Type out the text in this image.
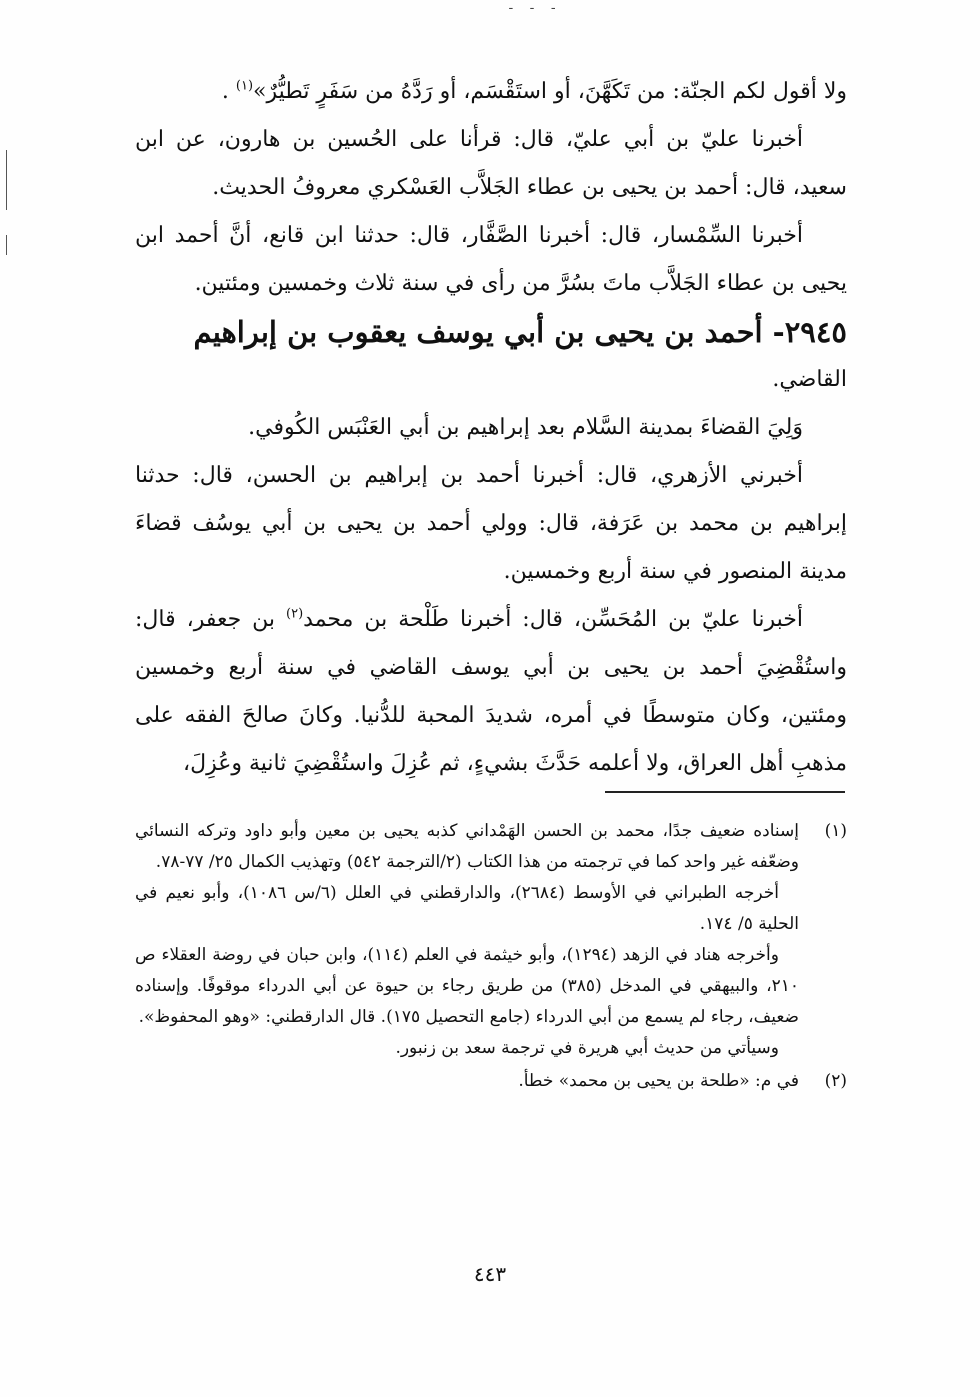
- - -

ولا أقول لكم الجنّة: من تَكَهَّنَ، أو استَقْسَم، أو رَدَّهُ من سَفَرٍ تَطيُّرٌ»$^{(١)}$ .

أخبرنا عليّ بن أبي عليّ، قال: قرأنا على الحُسين بن هارون، عن ابن سعيد، قال: أحمد بن يحيى بن عطاء الجَلاَّب العَسْكري معروفُ الحديث.

أخبرنا السِّمْسار، قال: أخبرنا الصَّفَّار، قال: حدثنا ابن قانع، أنَّ أحمد ابن يحيى بن عطاء الجَلاَّب ماتَ بسُرَّ من رأى في سنة ثلاث وخمسين ومئتين.

٢٩٤٥- أحمد بن يحيى بن أبي يوسف يعقوب بن إبراهيم

القاضي.

وَلِيَ القضاءَ بمدينة السَّلام بعد إبراهيم بن أبي العَنْبَس الكُوفي.

أخبرني الأزهري، قال: أخبرنا أحمد بن إبراهيم بن الحسن، قال: حدثنا إبراهيم بن محمد بن عَرَفة، قال: وولي أحمد بن يحيى بن أبي يوسُف قضاءَ مدينة المنصور في سنة أربع وخمسين.

أخبرنا عليّ بن المُحَسِّن، قال: أخبرنا طَلْحة بن محمد$^{(٢)}$ بن جعفر، قال: واستُقْضِيَ أحمد بن يحيى بن أبي يوسف القاضي في سنة أربع وخمسين ومئتين، وكان متوسطًا في أمره، شديدَ المحبة للدُّنيا. وكانَ صالحَ الفقه على مذهبِ أهل العراق، ولا أعلمه حَدَّثَ بشيءٍ، ثم عُزِلَ واستُقْضِيَ ثانية وعُزِلَ،

(١)

إسناده ضعيف جدًا، محمد بن الحسن الهَمْداني كذبه يحيى بن معين وأبو داود وتركه النسائي وضعّفه غير واحد كما في ترجمته من هذا الكتاب (٢/الترجمة ٥٤٢) وتهذيب الكمال ٢٥/ ٧٧-٧٨.

أخرجه الطبراني في الأوسط (٢٦٨٤)، والدارقطني في العلل (٦/س ١٠٨٦)، وأبو نعيم في الحلية ٥/ ١٧٤.

وأخرجه هناد في الزهد (١٢٩٤)، وأبو خيثمة في العلم (١١٤)، وابن حبان في روضة العقلاء ص ٢١٠، والبيهقي في المدخل (٣٨٥) من طريق رجاء بن حيوة عن أبي الدرداء موقوفًا. وإسناده ضعيف، رجاء لم يسمع من أبي الدرداء (جامع التحصيل ١٧٥). قال الدارقطني: «وهو المحفوظ».

وسيأتي من حديث أبي هريرة في ترجمة سعد بن زنبور.

(٢)

في م: «طلحة بن يحيى بن محمد» خطأ.

٤٤٣
